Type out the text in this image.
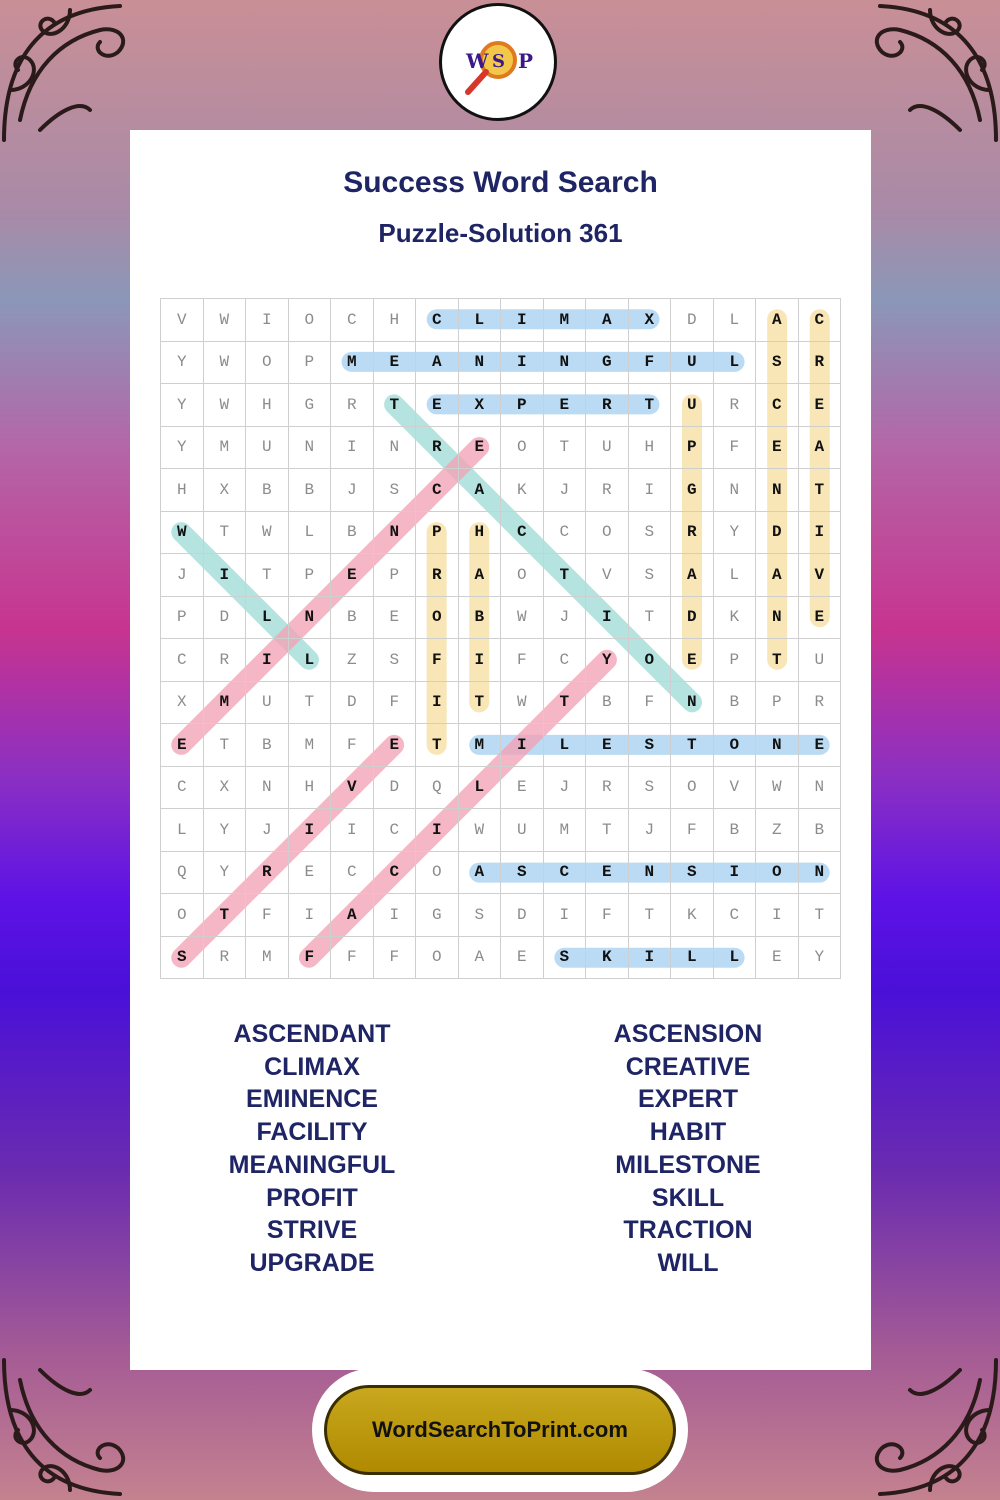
W S P
Success Word Search
Puzzle-Solution 361
V	W	I	O	C	H	C	L	I	M	A	X	D	L	A	C
Y	W	O	P	M	E	A	N	I	N	G	F	U	L	S	R
Y	W	H	G	R	T	E	X	P	E	R	T	U	R	C	E
Y	M	U	N	I	N	R	E	O	T	U	H	P	F	E	A
H	X	B	B	J	S	C	A	K	J	R	I	G	N	N	T
W	T	W	L	B	N	P	H	C	C	O	S	R	Y	D	I
J	I	T	P	E	P	R	A	O	T	V	S	A	L	A	V
P	D	L	N	B	E	O	B	W	J	I	T	D	K	N	E
C	R	I	L	Z	S	F	I	F	C	Y	O	E	P	T	U
X	M	U	T	D	F	I	T	W	T	B	F	N	B	P	R
E	T	B	M	F	E	T	M	I	L	E	S	T	O	N	E
C	X	N	H	V	D	Q	L	E	J	R	S	O	V	W	N
L	Y	J	I	I	C	I	W	U	M	T	J	F	B	Z	B
Q	Y	R	E	C	C	O	A	S	C	E	N	S	I	O	N
O	T	F	I	A	I	G	S	D	I	F	T	K	C	I	T
S	R	M	F	F	F	O	A	E	S	K	I	L	L	E	Y
ASCENDANT
CLIMAX
EMINENCE
FACILITY
MEANINGFUL
PROFIT
STRIVE
UPGRADE
ASCENSION
CREATIVE
EXPERT
HABIT
MILESTONE
SKILL
TRACTION
WILL
WordSearchToPrint.com
